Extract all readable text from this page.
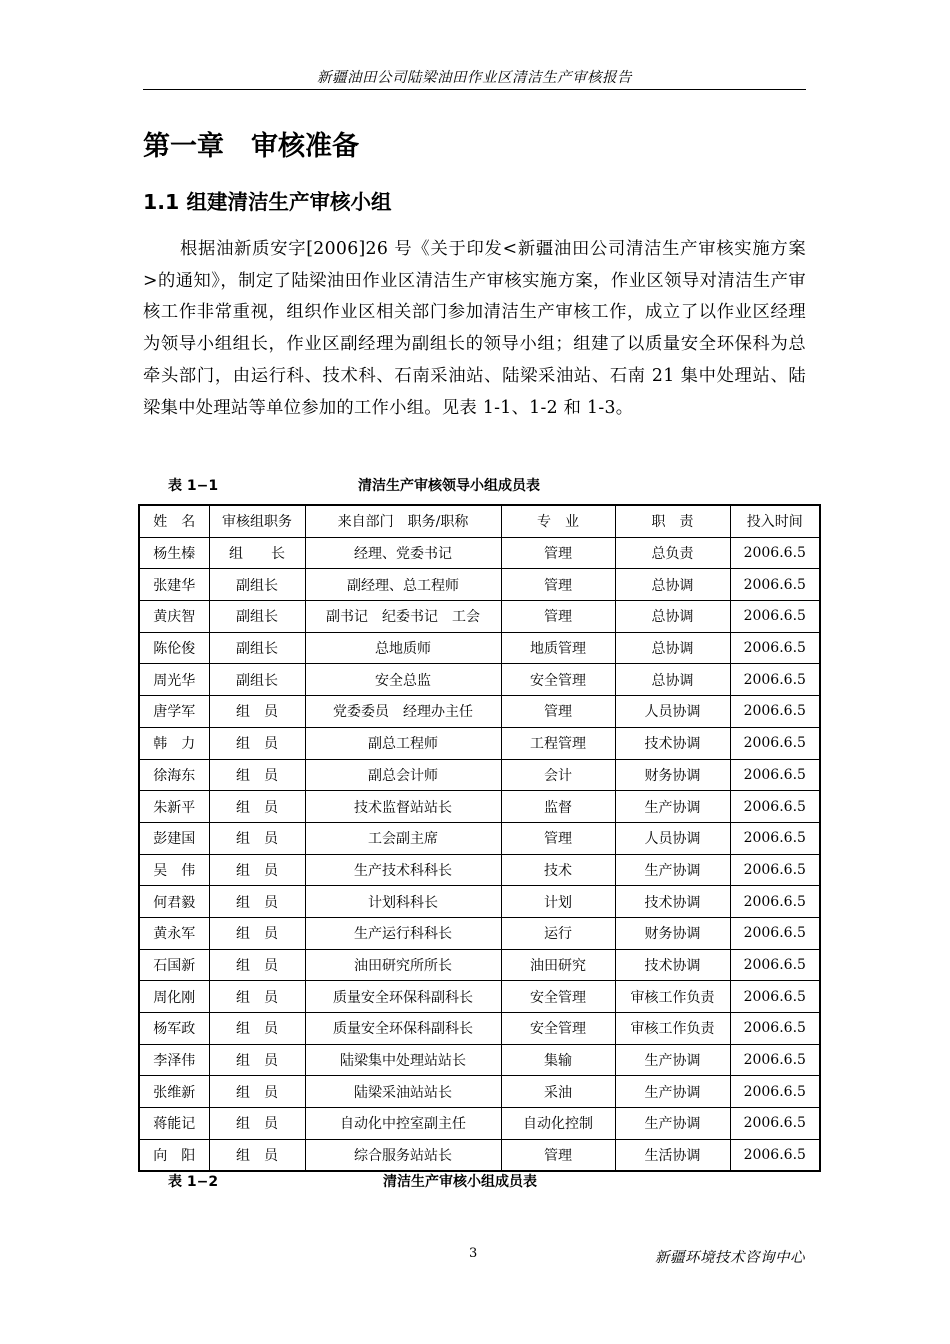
新疆油田公司陆梁油田作业区清洁生产审核报告
第一章　审核准备
1.1 组建清洁生产审核小组

根据油新质安字[2006]26 号《关于印发<新疆油田公司清洁生产审核实施方案>的通知》，制定了陆梁油田作业区清洁生产审核实施方案，作业区领导对清洁生产审核工作非常重视，组织作业区相关部门参加清洁生产审核工作，成立了以作业区经理为领导小组组长，作业区副经理为副组长的领导小组；组建了以质量安全环保科为总牵头部门，由运行科、技术科、石南采油站、陆梁采油站、石南 21 集中处理站、陆梁集中处理站等单位参加的工作小组。见表 1-1、1-2 和 1-3。

表 1−1	清洁生产审核领导小组成员表
姓　名	审核组职务	来自部门　职务/职称	专　业	职　责	投入时间
杨生榛	组　　长	经理、党委书记	管理	总负责	2006.6.5
张建华	副组长	副经理、总工程师	管理	总协调	2006.6.5
黄庆智	副组长	副书记　纪委书记　工会	管理	总协调	2006.6.5
陈伦俊	副组长	总地质师	地质管理	总协调	2006.6.5
周光华	副组长	安全总监	安全管理	总协调	2006.6.5
唐学军	组　员	党委委员　经理办主任	管理	人员协调	2006.6.5
韩　力	组　员	副总工程师	工程管理	技术协调	2006.6.5
徐海东	组　员	副总会计师	会计	财务协调	2006.6.5
朱新平	组　员	技术监督站站长	监督	生产协调	2006.6.5
彭建国	组　员	工会副主席	管理	人员协调	2006.6.5
吴　伟	组　员	生产技术科科长	技术	生产协调	2006.6.5
何君毅	组　员	计划科科长	计划	技术协调	2006.6.5
黄永军	组　员	生产运行科科长	运行	财务协调	2006.6.5
石国新	组　员	油田研究所所长	油田研究	技术协调	2006.6.5
周化刚	组　员	质量安全环保科副科长	安全管理	审核工作负责	2006.6.5
杨军政	组　员	质量安全环保科副科长	安全管理	审核工作负责	2006.6.5
李泽伟	组　员	陆梁集中处理站站长	集输	生产协调	2006.6.5
张维新	组　员	陆梁采油站站长	采油	生产协调	2006.6.5
蒋能记	组　员	自动化中控室副主任	自动化控制	生产协调	2006.6.5
向　阳	组　员	综合服务站站长	管理	生活协调	2006.6.5
表 1−2	清洁生产审核小组成员表
3	新疆环境技术咨询中心
